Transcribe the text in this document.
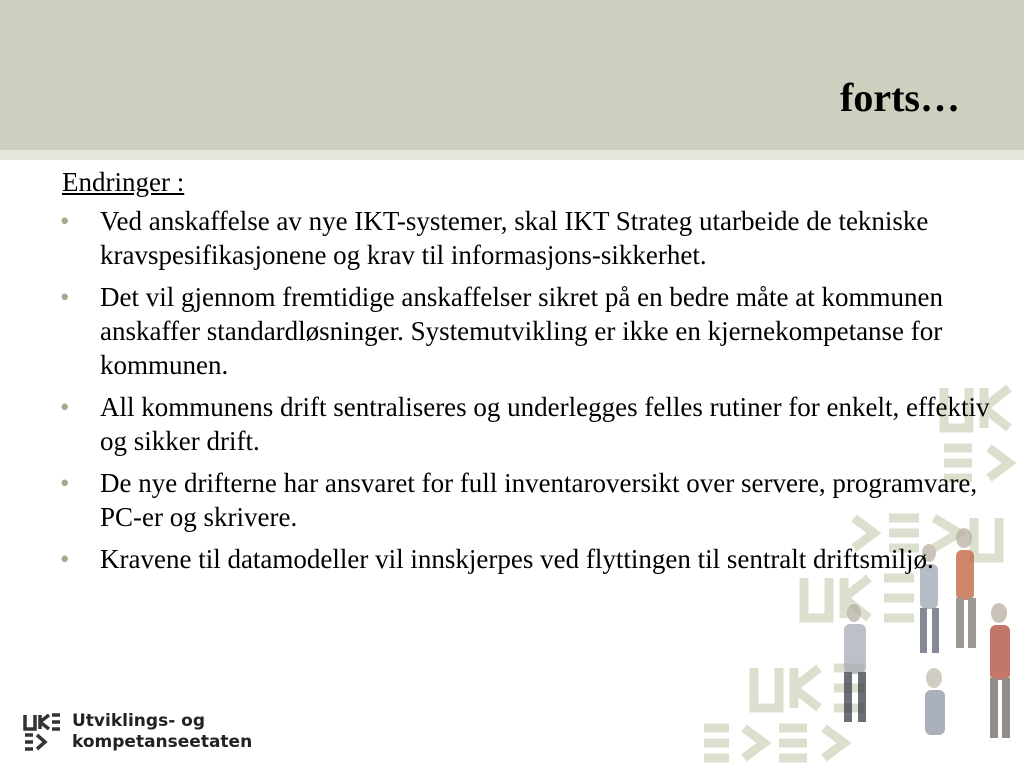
forts…
Endringer :
• Ved anskaffelse av nye IKT-systemer, skal IKT Strateg utarbeide de tekniske kravspesifikasjonene og krav til informasjons-sikkerhet.
• Det vil gjennom fremtidige anskaffelser sikret på en bedre måte at kommunen anskaffer standardløsninger. Systemutvikling er ikke en kjernekompetanse for kommunen.
• All kommunens drift sentraliseres og underlegges felles rutiner for enkelt, effektiv og sikker drift.
• De nye drifterne har ansvaret for full inventaroversikt over servere, programvare, PC-er og skrivere.
• Kravene til datamodeller vil innskjerpes ved flyttingen til sentralt driftsmiljø.
Utviklings- og
kompetanseetaten
